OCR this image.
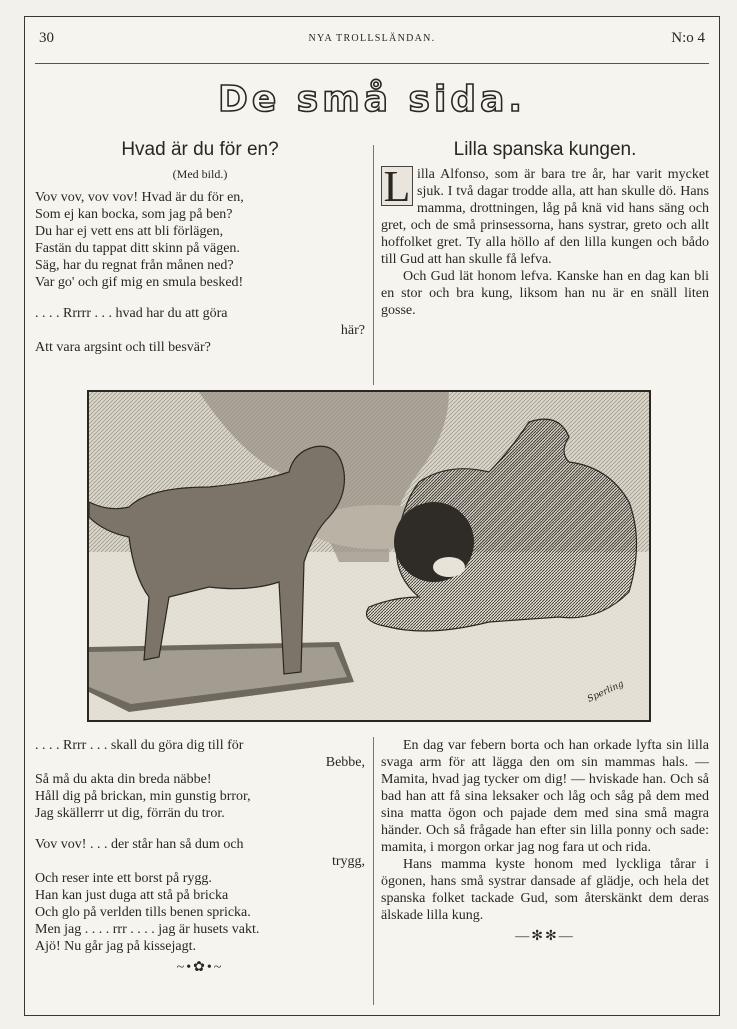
30	NYA TROLLSLÄNDAN.	N:o 4
De små sida.
Hvad är du för en?
(Med bild.)
Vov vov, vov vov! Hvad är du för en,
Som ej kan bocka, som jag på ben?
Du har ej vett ens att bli förlägen,
Fastän du tappat ditt skinn på vägen.
Säg, har du regnat från månen ned?
Var go' och gif mig en smula besked!
. . . . Rrrrr . . . hvad har du att göra
här?
Att vara argsint och till besvär?
Lilla spanska kungen.

L illa Alfonso, som är bara tre år, har varit mycket sjuk. I två dagar trodde alla, att han skulle dö. Hans mamma, drottningen, låg på knä vid hans säng och gret, och de små prinsessorna, hans systrar, greto och allt hoffolket gret. Ty alla höllo af den lilla kungen och bådo till Gud att han skulle få lefva.

Och Gud lät honom lefva. Kanske han en dag kan bli en stor och bra kung, liksom han nu är en snäll liten gosse.

Sperling
. . . . Rrrr . . . skall du göra dig till för
Bebbe,
Så må du akta din breda näbbe!
Håll dig på brickan, min gunstig brror,
Jag skällerrr ut dig, förrän du tror.
Vov vov! . . . der står han så dum och
trygg,
Och reser inte ett borst på rygg.
Han kan just duga att stå på bricka
Och glo på verlden tills benen spricka.
Men jag . . . . rrr . . . . jag är husets vakt.
Ajö! Nu går jag på kissejagt.
~•✿•~

En dag var febern borta och han orkade lyfta sin lilla svaga arm för att lägga den om sin mammas hals. — Mamita, hvad jag tycker om dig! — hviskade han. Och så bad han att få sina leksaker och låg och såg på dem med sina matta ögon och pajade dem med sina små magra händer. Och så frågade han efter sin lilla ponny och sade: mamita, i morgon orkar jag nog fara ut och rida.

Hans mamma kyste honom med lyckliga tårar i ögonen, hans små systrar dansade af glädje, och hela det spanska folket tackade Gud, som återskänkt dem deras älskade lilla kung.

—✻✻—
